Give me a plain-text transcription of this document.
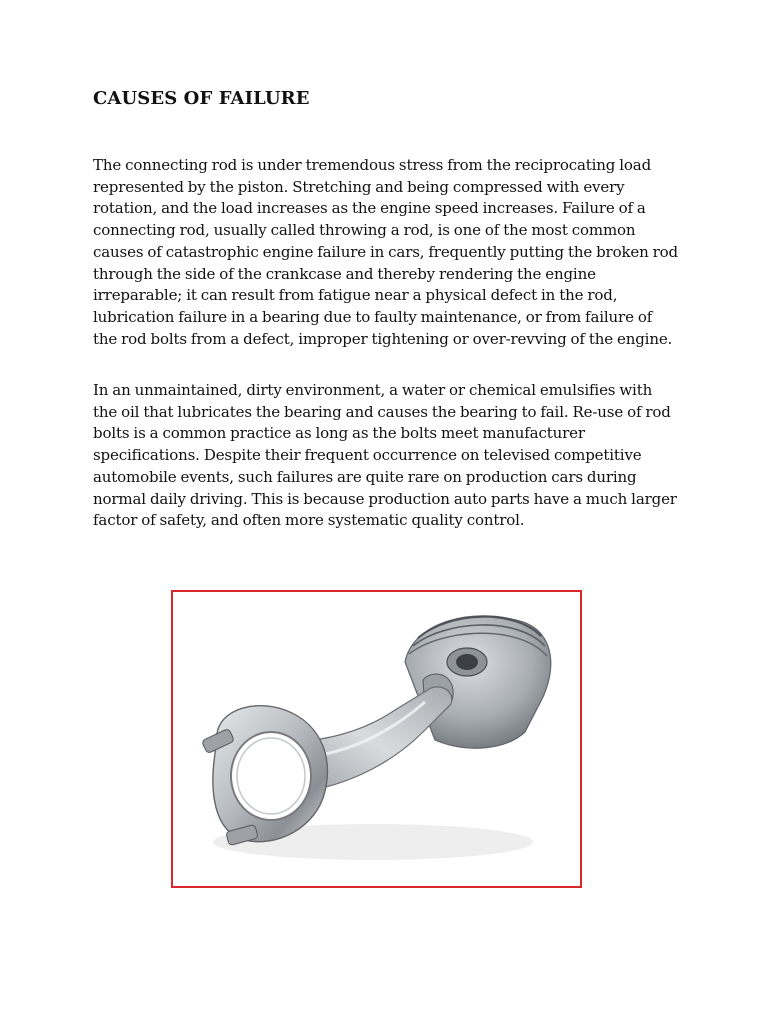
CAUSES OF FAILURE

The connecting rod is under tremendous stress from the reciprocating load represented by the piston. Stretching and being compressed with every rotation, and the load increases as the engine speed increases. Failure of a connecting rod, usually called throwing a rod, is one of the most common causes of catastrophic engine failure in cars, frequently putting the broken rod through the side of the crankcase and thereby rendering the engine irreparable; it can result from fatigue near a physical defect in the rod, lubrication failure in a bearing due to faulty maintenance, or from failure of the rod bolts from a defect, improper tightening or over-revving of the engine.

In an unmaintained, dirty environment, a water or chemical emulsifies with the oil that lubricates the bearing and causes the bearing to fail. Re-use of rod bolts is a common practice as long as the bolts meet manufacturer specifications. Despite their frequent occurrence on televised competitive automobile events, such failures are quite rare on production cars during normal daily driving. This is because production auto parts have a much larger factor of safety, and often more systematic quality control.
